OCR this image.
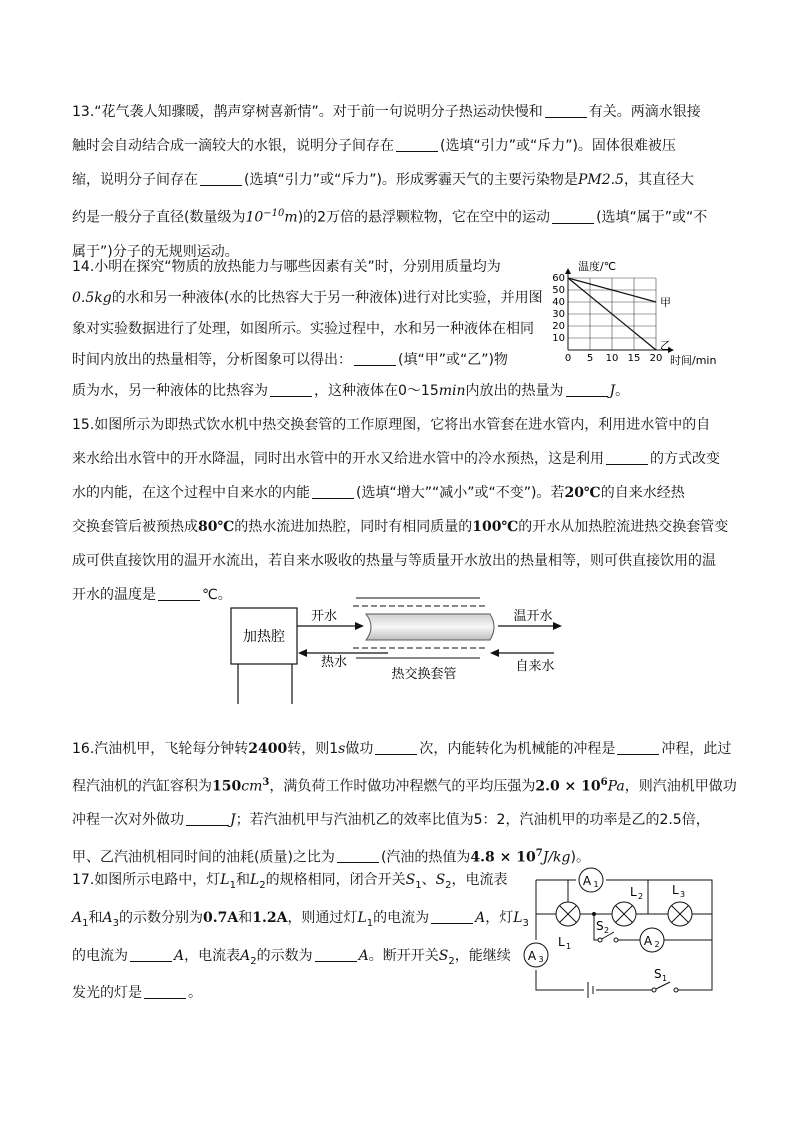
13.“花气袭人知骤暖，鹊声穿树喜新情”。对于前一句说明分子热运动快慢和	有关。两滴水银接

触时会自动结合成一滴较大的水银，说明分子间存在	(选填“引力”或“斥力”)。固体很难被压

缩，说明分子间存在	(选填“引力”或“斥力”)。形成雾霾天气的主要污染物是PM2.5，其直径大

约是一般分子直径(数量级为$10^{-10}m$)的2万倍的悬浮颗粒物，它在空中的运动	(选填“属于”或“不

属于”)分子的无规则运动。

14.小明在探究“物质的放热能力与哪些因素有关”时，分别用质量均为

0.5kg的水和另一种液体(水的比热容大于另一种液体)进行对比实验，并用图

象对实验数据进行了处理，如图所示。实验过程中，水和另一种液体在相同

时间内放出的热量相等，分析图象可以得出：	(填“甲”或“乙”)物

质为水，另一种液体的比热容为	，这种液体在0～15min内放出的热量为	J。

0 5 10 15 20
10
20
30
40
50
60
温度/℃
时间/min
甲
乙

15.如图所示为即热式饮水机中热交换套管的工作原理图，它将出水管套在进水管内，利用进水管中的自

来水给出水管中的开水降温，同时出水管中的开水又给进水管中的冷水预热，这是利用	的方式改变

水的内能，在这个过程中自来水的内能	(选填“增大”“减小”或“不变”)。若20℃的自来水经热

交换套管后被预热成80℃的热水流进加热腔，同时有相同质量的100℃的开水从加热腔流进热交换套管变

成可供直接饮用的温开水流出，若自来水吸收的热量与等质量开水放出的热量相等，则可供直接饮用的温

开水的温度是	℃。

加热腔
开水	温开水
热水	自来水
热交换套管

16.汽油机甲，飞轮每分钟转2400转，则1s做功	次，内能转化为机械能的冲程是	冲程，此过

程汽油机的汽缸容积为$150cm^3$，满负荷工作时做功冲程燃气的平均压强为$2.0 \times 10^6Pa$，则汽油机甲做功

冲程一次对外做功	J；若汽油机甲与汽油机乙的效率比值为5：2，汽油机甲的功率是乙的2.5倍，

甲、乙汽油机相同时间的油耗(质量)之比为	(汽油的热值为$4.8 \times 10^7J/kg$)。

17.如图所示电路中，灯$L_1$和$L_2$的规格相同，闭合开关$S_1$、$S_2$，电流表

$A_1$和$A_3$的示数分别为0.7A和1.2A，则通过灯$L_1$的电流为	A，灯$L_3$

的电流为	A，电流表$A_2$的示数为	A。断开开关$S_2$，能继续

发光的灯是	。

A 1
A 2
A 3
L 1
L 2 L 3
S 2
S 1
